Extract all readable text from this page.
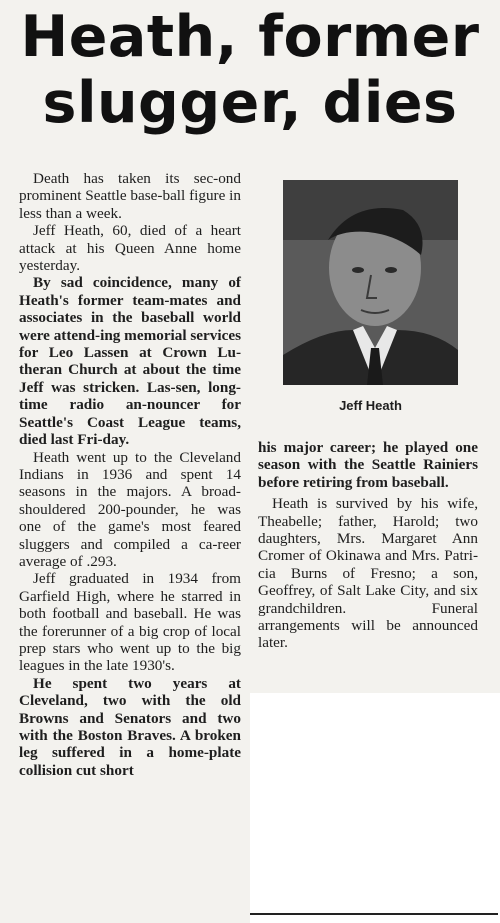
Heath, former
slugger, dies

Death has taken its sec-ond prominent Seattle base-ball figure in less than a week.

Jeff Heath, 60, died of a heart attack at his Queen Anne home yesterday.

By sad coincidence, many of Heath's former team-mates and associates in the baseball world were attend-ing memorial services for Leo Lassen at Crown Lu-theran Church at about the time Jeff was stricken. Las-sen, long-time radio an-nouncer for Seattle's Coast League teams, died last Fri-day.

Heath went up to the Cleveland Indians in 1936 and spent 14 seasons in the majors. A broad-shouldered 200-pounder, he was one of the game's most feared sluggers and compiled a ca-reer average of .293.

Jeff graduated in 1934 from Garfield High, where he starred in both football and baseball. He was the forerunner of a big crop of local prep stars who went up to the big leagues in the late 1930's.

He spent two years at Cleveland, two with the old Browns and Senators and two with the Boston Braves. A broken leg suffered in a home-plate collision cut short

Jeff Heath

his major career; he played one season with the Seattle Rainiers before retiring from baseball.

Heath is survived by his wife, Theabelle; father, Harold; two daughters, Mrs. Margaret Ann Cromer of Okinawa and Mrs. Patri-cia Burns of Fresno; a son, Geoffrey, of Salt Lake City, and six grandchildren. Funeral arrangements will be announced later.
